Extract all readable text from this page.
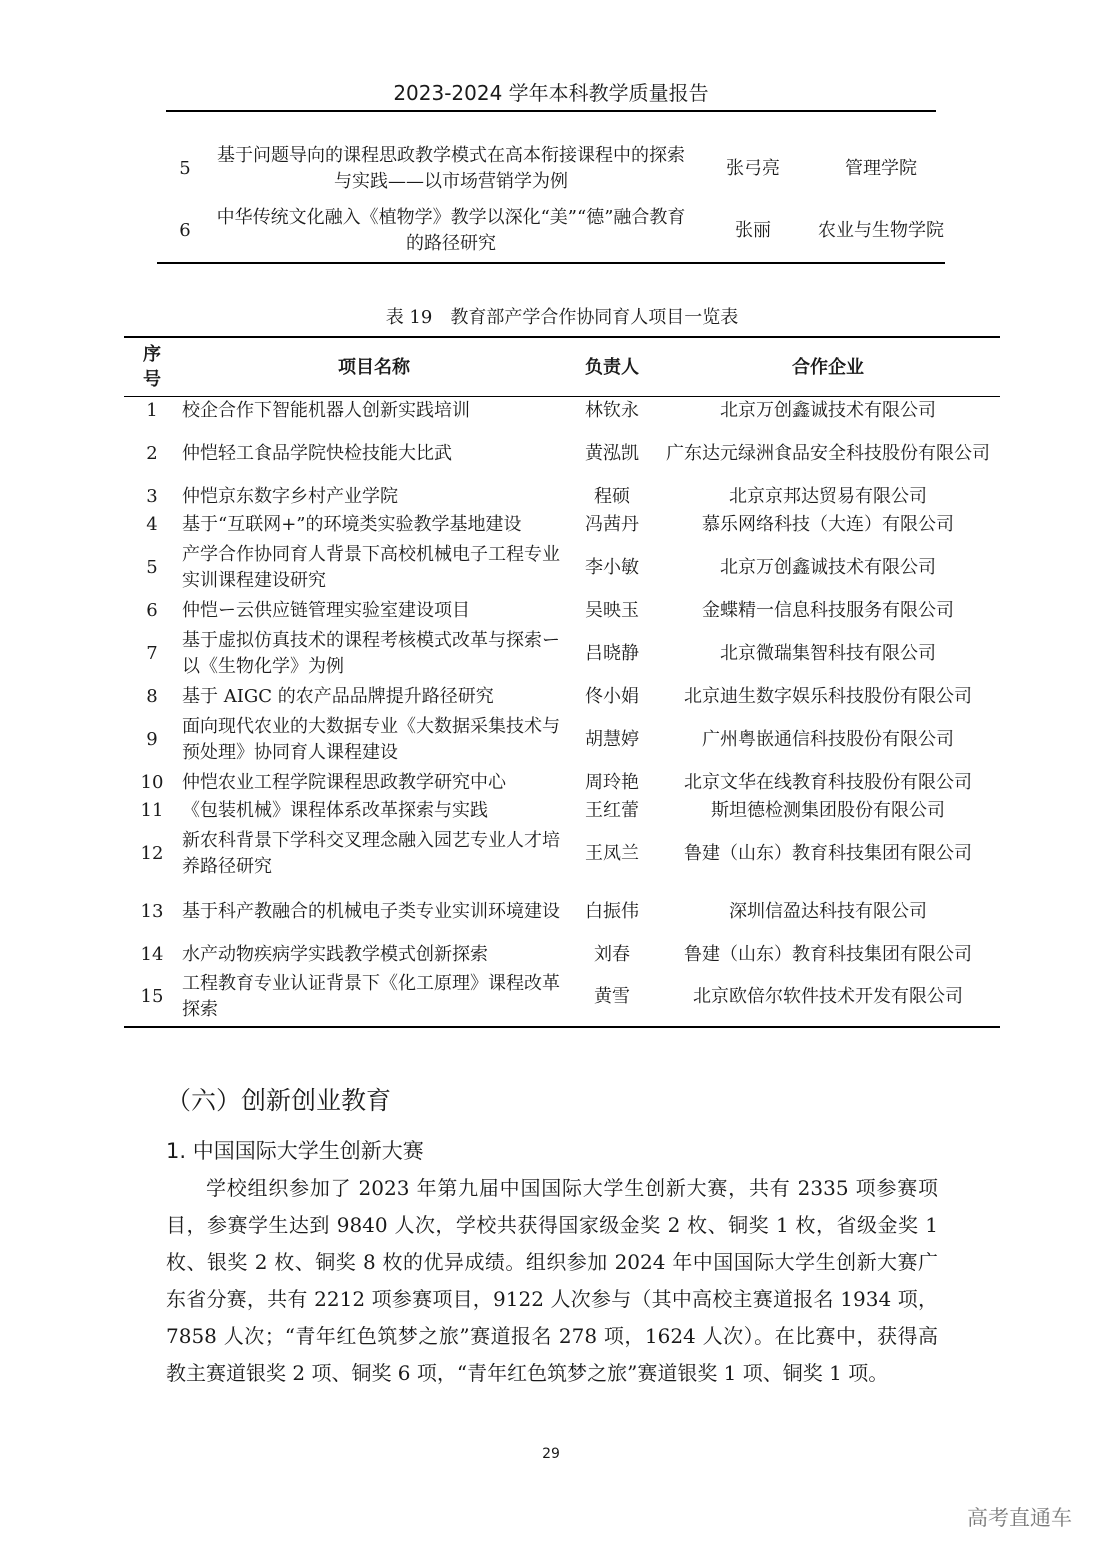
2023-2024 学年本科教学质量报告
5	基于问题导向的课程思政教学模式在高本衔接课程中的探索与实践——以市场营销学为例	张弓亮	管理学院
6	中华传统文化融入《植物学》教学以深化“美”“德”融合教育的路径研究	张丽	农业与生物学院
表 19　教育部产学合作协同育人项目一览表
序号	项目名称	负责人	合作企业
1	校企合作下智能机器人创新实践培训	林钦永	北京万创鑫诚技术有限公司
2	仲恺轻工食品学院快检技能大比武	黄泓凯	广东达元绿洲食品安全科技股份有限公司
3	仲恺京东数字乡村产业学院	程硕	北京京邦达贸易有限公司
4	基于“互联网+”的环境类实验教学基地建设	冯茜丹	慕乐网络科技（大连）有限公司
5	产学合作协同育人背景下高校机械电子工程专业实训课程建设研究	李小敏	北京万创鑫诚技术有限公司
6	仲恺ー云供应链管理实验室建设项目	吴映玉	金蝶精一信息科技服务有限公司
7	基于虚拟仿真技术的课程考核模式改革与探索ー以《生物化学》为例	吕晓静	北京微瑞集智科技有限公司
8	基于 AIGC 的农产品品牌提升路径研究	佟小娟	北京迪生数字娱乐科技股份有限公司
9	面向现代农业的大数据专业《大数据采集技术与预处理》协同育人课程建设	胡慧婷	广州粤嵌通信科技股份有限公司
10	仲恺农业工程学院课程思政教学研究中心	周玲艳	北京文华在线教育科技股份有限公司
11	《包装机械》课程体系改革探索与实践	王红蕾	斯坦德检测集团股份有限公司
12	新农科背景下学科交叉理念融入园艺专业人才培养路径研究	王凤兰	鲁建（山东）教育科技集团有限公司
13	基于科产教融合的机械电子类专业实训环境建设	白振伟	深圳信盈达科技有限公司
14	水产动物疾病学实践教学模式创新探索	刘春	鲁建（山东）教育科技集团有限公司
15	工程教育专业认证背景下《化工原理》课程改革探索	黄雪	北京欧倍尔软件技术开发有限公司
（六）创新创业教育
1. 中国国际大学生创新大赛

学校组织参加了 2023 年第九届中国国际大学生创新大赛，共有 2335 项参赛项目，参赛学生达到 9840 人次，学校共获得国家级金奖 2 枚、铜奖 1 枚，省级金奖 1 枚、银奖 2 枚、铜奖 8 枚的优异成绩。组织参加 2024 年中国国际大学生创新大赛广东省分赛，共有 2212 项参赛项目，9122 人次参与（其中高校主赛道报名 1934 项，7858 人次；“青年红色筑梦之旅”赛道报名 278 项，1624 人次）。在比赛中，获得高教主赛道银奖 2 项、铜奖 6 项，“青年红色筑梦之旅”赛道银奖 1 项、铜奖 1 项。

29
高考直通车
